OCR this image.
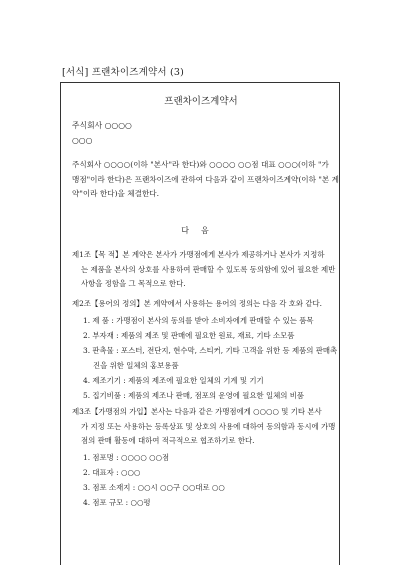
[서식] 프랜차이즈계약서 (3)
프랜차이즈계약서
주식회사 ○○○○
○○○
주식회사 ○○○○(이하 "본사"라 한다)와 ○○○○ ○○점 대표 ○○○(이하 "가
맹점"이라 한다)은 프랜차이즈에 관하여 다음과 같이 프랜차이즈계약(이하 "본 계
약"이라 한다)을 체결한다.
다음
제1조【목 적】본 계약은 본사가 가맹점에게 본사가 제공하거나 본사가 지정하
는 제품을 본사의 상호를 사용하여 판매할 수 있도록 동의함에 있어 필요한 제반
사항을 정함을 그 목적으로 한다.
제2조【용어의 정의】본 계약에서 사용하는 용어의 정의는 다음 각 호와 같다.
1. 제 품 : 가맹점이 본사의 동의를 받아 소비자에게 판매할 수 있는 품목
2. 부자재 : 제품의 제조 및 판매에 필요한 원료, 재료, 기타 소모품
3. 판촉물 : 포스터, 전단지, 현수막, 스티커, 기타 고객을 위한 등 제품의 판매촉
진을 위한 일체의 홍보용품
4. 제조기기 : 제품의 제조에 필요한 일체의 기계 및 기기
5. 집기비품 : 제품의 제조나 판매, 점포의 운영에 필요한 일체의 비품
제3조【가맹점의 가입】본사는 다음과 같은 가맹점에게 ○○○○ 및 기타 본사
가 지정 또는 사용하는 등록상표 및 상호의 사용에 대하여 동의함과 동시에 가맹
점의 판매 활동에 대하여 적극적으로 협조하기로 한다.
1. 점포명 : ○○○○ ○○점
2. 대표자 : ○○○
3. 점포 소재지 : ○○시 ○○구 ○○대로 ○○
4. 점포 규모 : ○○평
